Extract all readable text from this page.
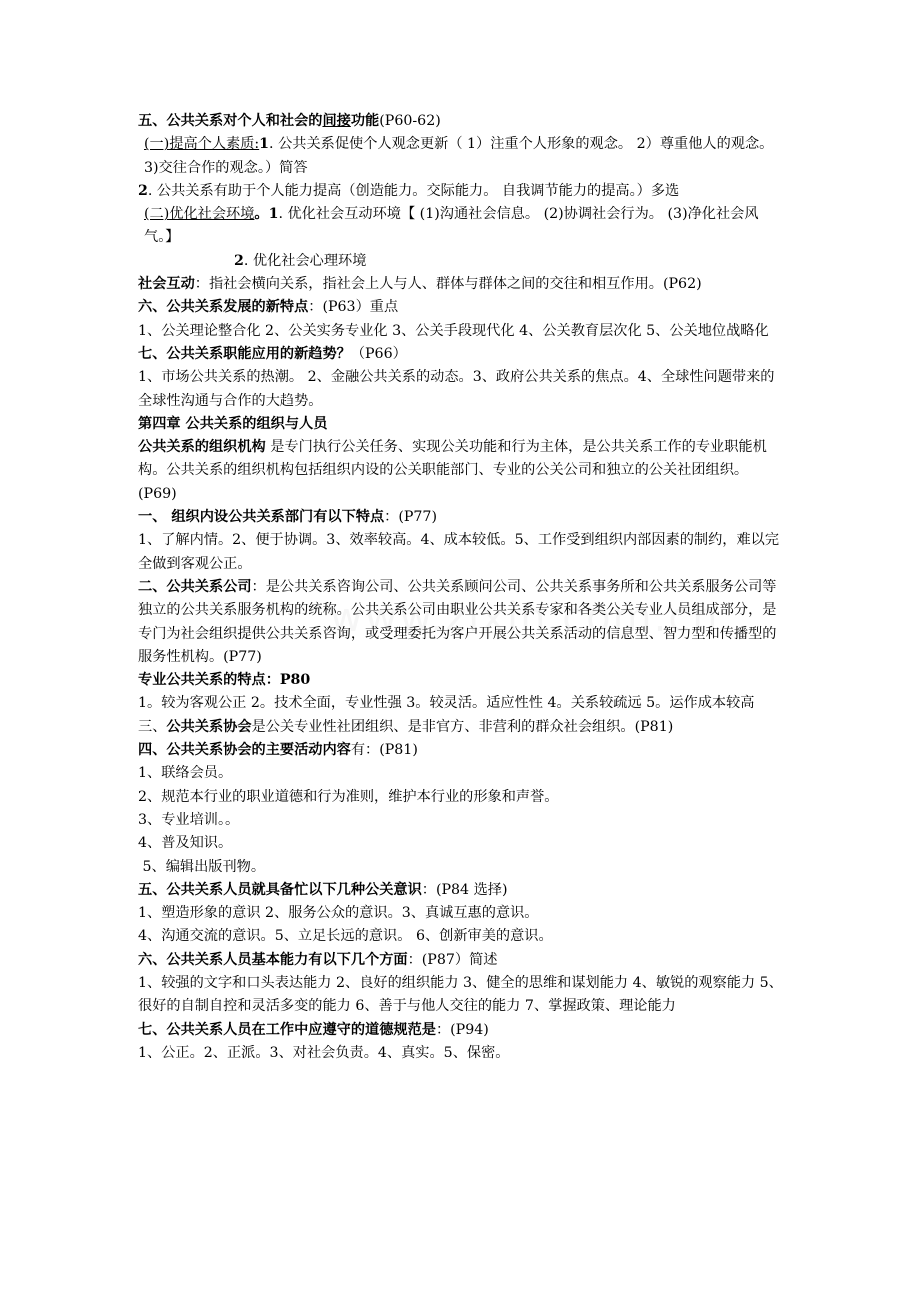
五、公共关系对个人和社会的间接功能(P60-62)

(一)提高个人素质:1. 公共关系促使个人观念更新（ 1）注重个人形象的观念。 2）尊重他人的观念。3)交往合作的观念。）简答

2. 公共关系有助于个人能力提高（创造能力。交际能力。 自我调节能力的提高。）多选

(二)优化社会环境。1. 优化社会互动环境【 (1)沟通社会信息。 (2)协调社会行为。 (3)净化社会风气。】

2. 优化社会心理环境

社会互动：指社会横向关系，指社会上人与人、群体与群体之间的交往和相互作用。(P62)

六、公共关系发展的新特点：(P63）重点

1、公关理论整合化 2、公关实务专业化 3、公关手段现代化 4、公关教育层次化 5、公关地位战略化

七、公共关系职能应用的新趋势？（P66）

1、市场公共关系的热潮。 2、金融公共关系的动态。3、政府公共关系的焦点。4、全球性问题带来的全球性沟通与合作的大趋势。

第四章 公共关系的组织与人员

公共关系的组织机构 是专门执行公关任务、实现公关功能和行为主体，是公共关系工作的专业职能机构。公共关系的组织机构包括组织内设的公关职能部门、专业的公关公司和独立的公关社团组织。(P69)

一、 组织内设公共关系部门有以下特点：(P77)

1、了解内情。2、便于协调。3、效率较高。4、成本较低。5、工作受到组织内部因素的制约，难以完全做到客观公正。

二、公共关系公司：是公共关系咨询公司、公共关系顾问公司、公共关系事务所和公共关系服务公司等独立的公共关系服务机构的统称。公共关系公司由职业公共关系专家和各类公关专业人员组成部分，是专门为社会组织提供公共关系咨询，或受理委托为客户开展公共关系活动的信息型、智力型和传播型的服务性机构。(P77)

专业公共关系的特点：P80

1。较为客观公正 2。技术全面，专业性强 3。较灵活。适应性性 4。关系较疏远 5。运作成本较高

三、公共关系协会是公关专业性社团组织、是非官方、非营利的群众社会组织。(P81)

四、公共关系协会的主要活动内容有：(P81)

1、联络会员。

2、规范本行业的职业道德和行为准则，维护本行业的形象和声誉。

3、专业培训。。

4、普及知识。

5、编辑出版刊物。

五、公共关系人员就具备忙以下几种公关意识：(P84 选择)

1、塑造形象的意识 2、服务公众的意识。3、真诚互惠的意识。

4、沟通交流的意识。5、立足长远的意识。 6、创新审美的意识。

六、公共关系人员基本能力有以下几个方面：(P87）简述

1、较强的文字和口头表达能力 2、良好的组织能力 3、健全的思维和谋划能力 4、敏锐的观察能力 5、很好的自制自控和灵活多变的能力 6、善于与他人交往的能力 7、掌握政策、理论能力

七、公共关系人员在工作中应遵守的道德规范是：(P94)

1、公正。2、正派。3、对社会负责。4、真实。5、保密。
